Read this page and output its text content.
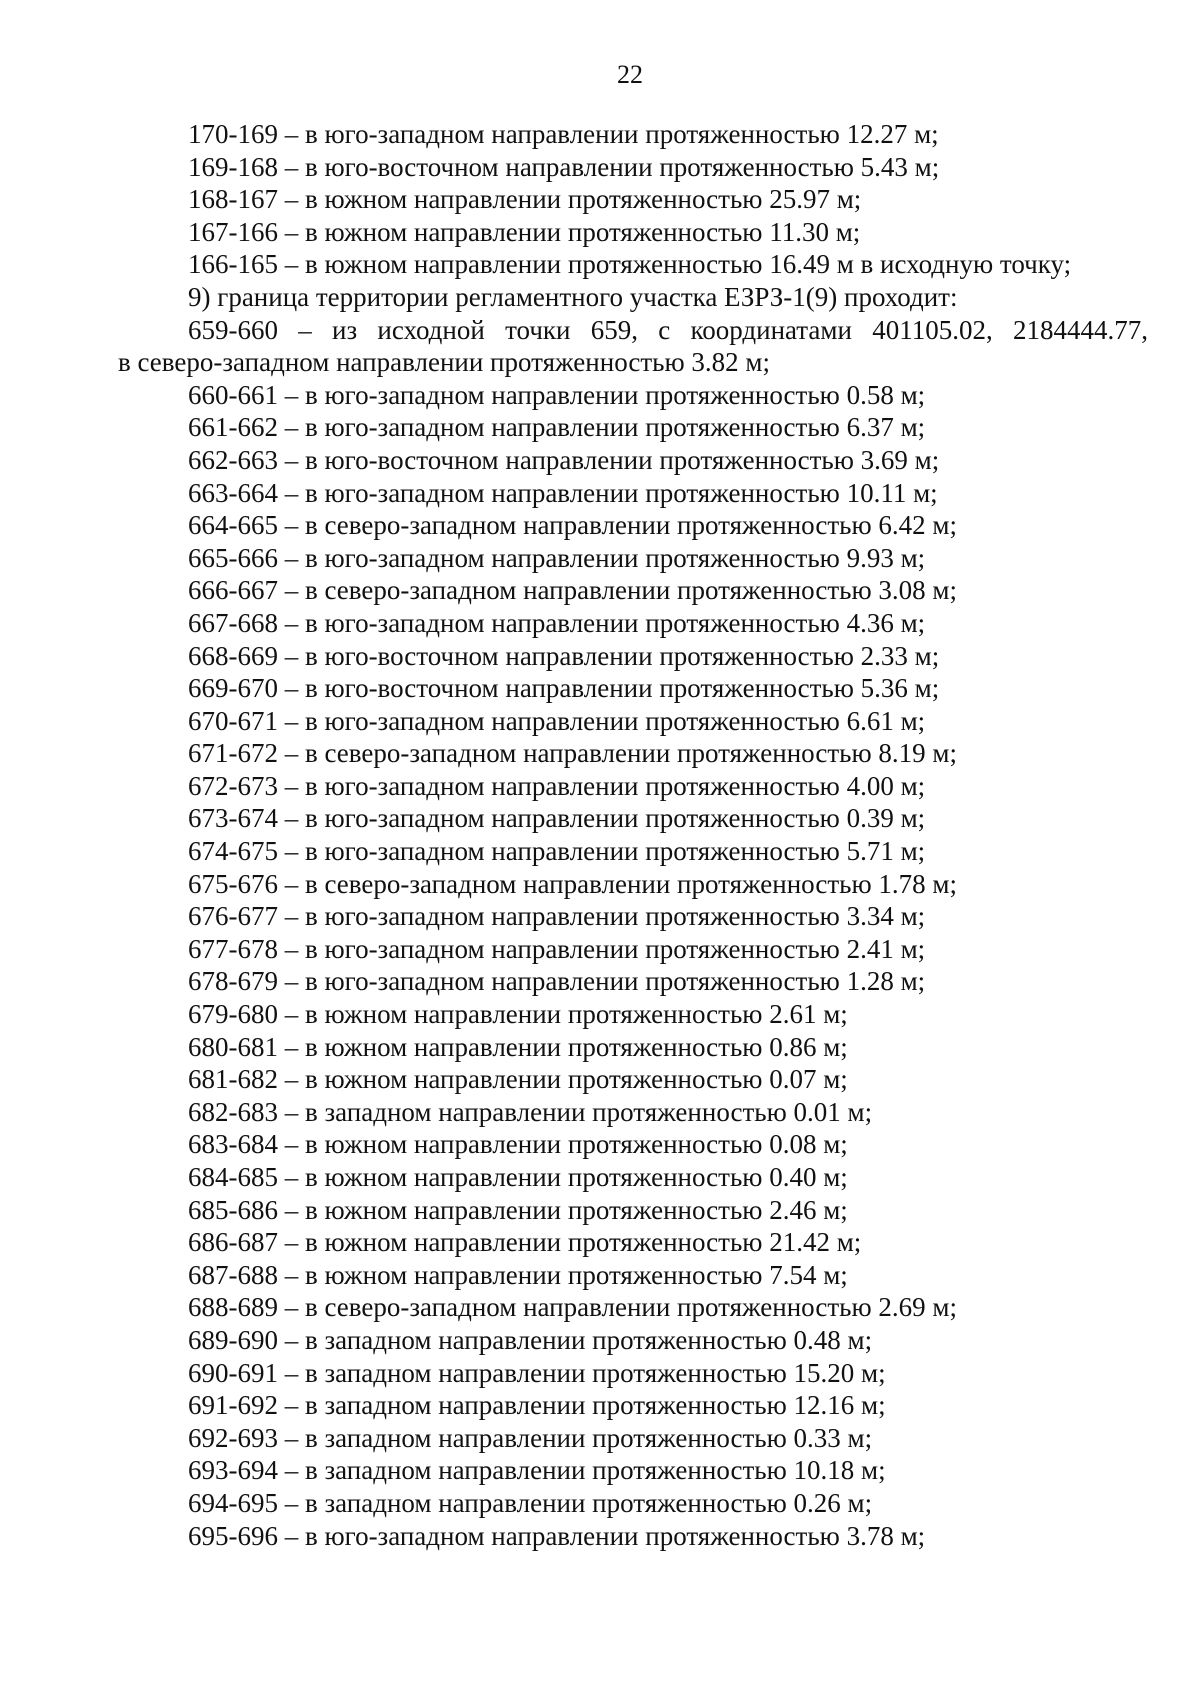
22
170-169 – в юго-западном направлении протяженностью 12.27 м;
169-168 – в юго-восточном направлении протяженностью 5.43 м;
168-167 – в южном направлении протяженностью 25.97 м;
167-166 – в южном направлении протяженностью 11.30 м;
166-165 – в южном направлении протяженностью 16.49 м в исходную точку;
9) граница территории регламентного участка ЕЗРЗ-1(9) проходит:
659-660 – из исходной точки 659, с координатами 401105.02, 2184444.77,
в северо-западном направлении протяженностью 3.82 м;
660-661 – в юго-западном направлении протяженностью 0.58 м;
661-662 – в юго-западном направлении протяженностью 6.37 м;
662-663 – в юго-восточном направлении протяженностью 3.69 м;
663-664 – в юго-западном направлении протяженностью 10.11 м;
664-665 – в северо-западном направлении протяженностью 6.42 м;
665-666 – в юго-западном направлении протяженностью 9.93 м;
666-667 – в северо-западном направлении протяженностью 3.08 м;
667-668 – в юго-западном направлении протяженностью 4.36 м;
668-669 – в юго-восточном направлении протяженностью 2.33 м;
669-670 – в юго-восточном направлении протяженностью 5.36 м;
670-671 – в юго-западном направлении протяженностью 6.61 м;
671-672 – в северо-западном направлении протяженностью 8.19 м;
672-673 – в юго-западном направлении протяженностью 4.00 м;
673-674 – в юго-западном направлении протяженностью 0.39 м;
674-675 – в юго-западном направлении протяженностью 5.71 м;
675-676 – в северо-западном направлении протяженностью 1.78 м;
676-677 – в юго-западном направлении протяженностью 3.34 м;
677-678 – в юго-западном направлении протяженностью 2.41 м;
678-679 – в юго-западном направлении протяженностью 1.28 м;
679-680 – в южном направлении протяженностью 2.61 м;
680-681 – в южном направлении протяженностью 0.86 м;
681-682 – в южном направлении протяженностью 0.07 м;
682-683 – в западном направлении протяженностью 0.01 м;
683-684 – в южном направлении протяженностью 0.08 м;
684-685 – в южном направлении протяженностью 0.40 м;
685-686 – в южном направлении протяженностью 2.46 м;
686-687 – в южном направлении протяженностью 21.42 м;
687-688 – в южном направлении протяженностью 7.54 м;
688-689 – в северо-западном направлении протяженностью 2.69 м;
689-690 – в западном направлении протяженностью 0.48 м;
690-691 – в западном направлении протяженностью 15.20 м;
691-692 – в западном направлении протяженностью 12.16 м;
692-693 – в западном направлении протяженностью 0.33 м;
693-694 – в западном направлении протяженностью 10.18 м;
694-695 – в западном направлении протяженностью 0.26 м;
695-696 – в юго-западном направлении протяженностью 3.78 м;
